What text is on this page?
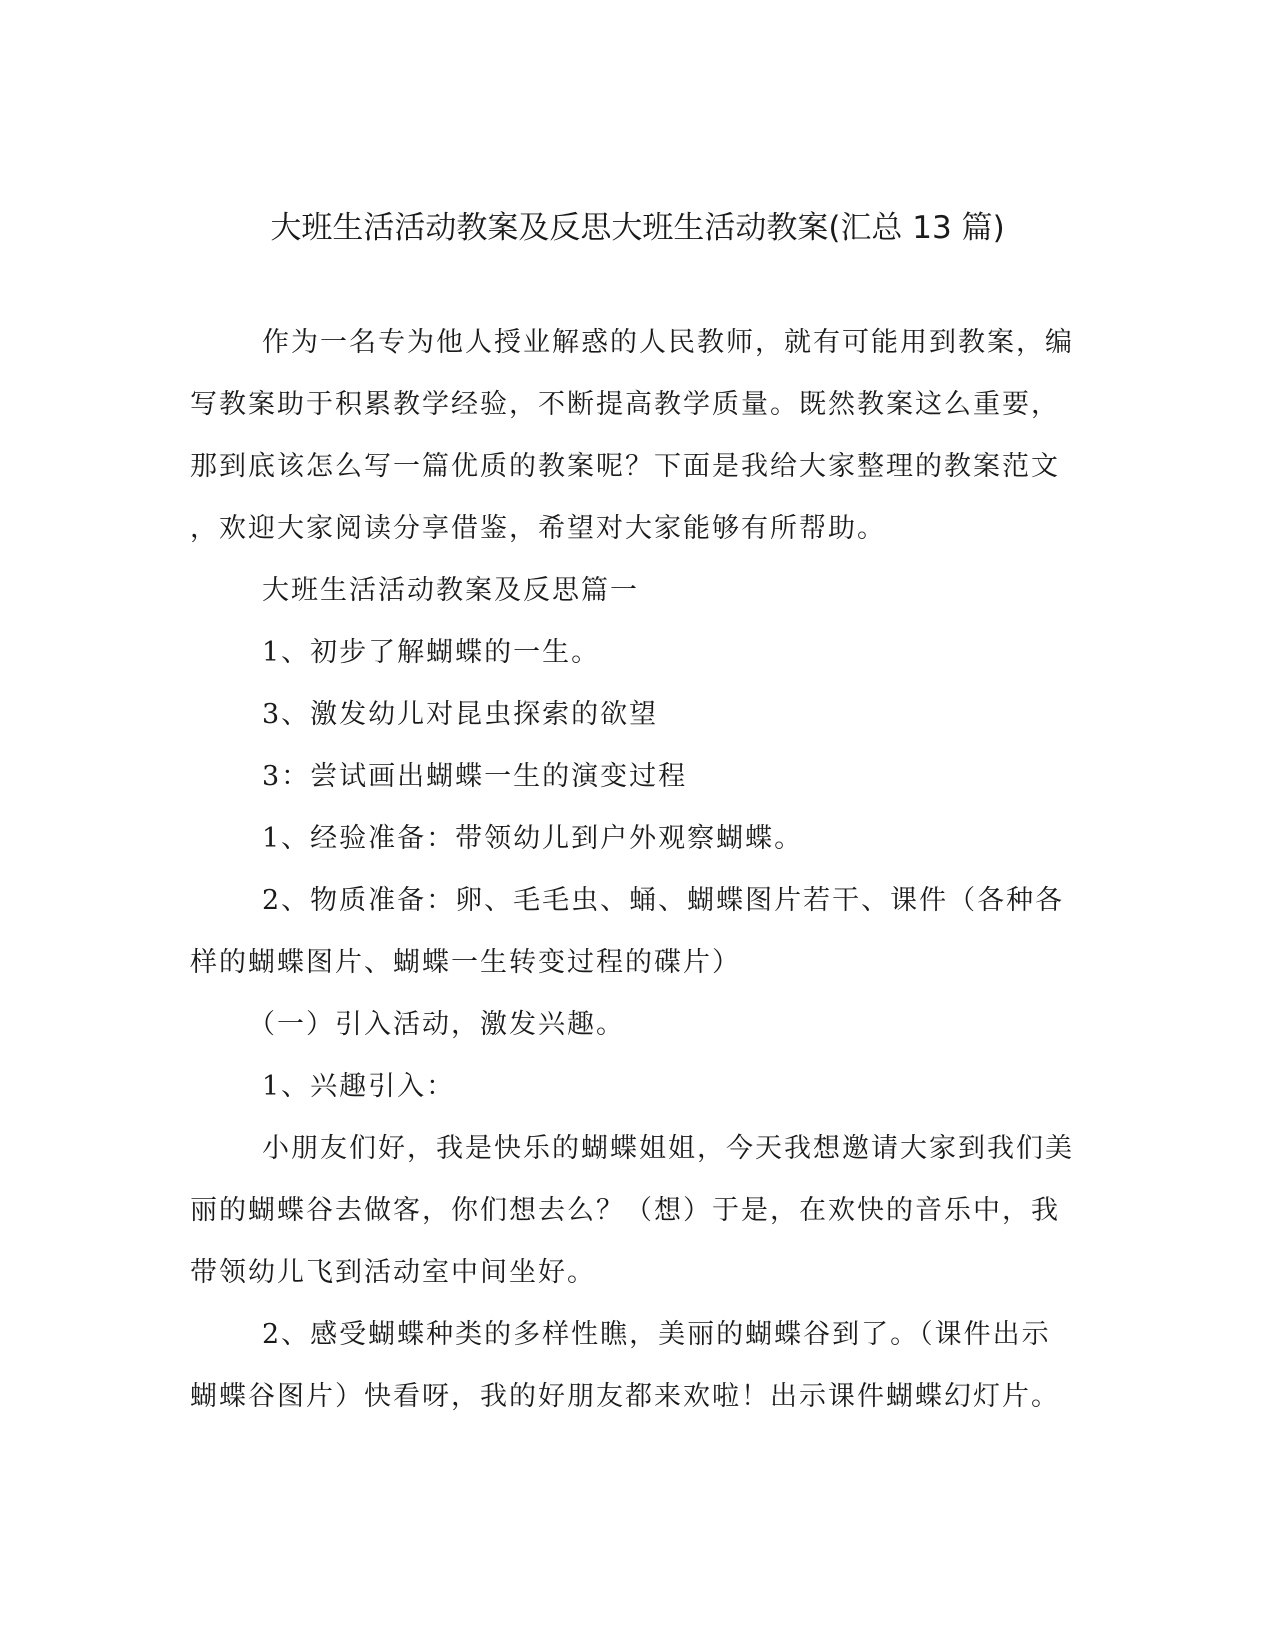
大班生活活动教案及反思大班生活动教案(汇总 13 篇)

作为一名专为他人授业解惑的人民教师，就有可能用到教案，编
写教案助于积累教学经验，不断提高教学质量。既然教案这么重要，
那到底该怎么写一篇优质的教案呢？下面是我给大家整理的教案范文
，欢迎大家阅读分享借鉴，希望对大家能够有所帮助。

大班生活活动教案及反思篇一

1、初步了解蝴蝶的一生。

3、激发幼儿对昆虫探索的欲望

3：尝试画出蝴蝶一生的演变过程

1、经验准备：带领幼儿到户外观察蝴蝶。

2、物质准备：卵、毛毛虫、蛹、蝴蝶图片若干、课件（各种各
样的蝴蝶图片、蝴蝶一生转变过程的碟片）

（一）引入活动，激发兴趣。

1、兴趣引入：

小朋友们好，我是快乐的蝴蝶姐姐，今天我想邀请大家到我们美
丽的蝴蝶谷去做客，你们想去么？（想）于是，在欢快的音乐中，我
带领幼儿飞到活动室中间坐好。

2、感受蝴蝶种类的多样性瞧，美丽的蝴蝶谷到了。（课件出示
蝴蝶谷图片）快看呀，我的好朋友都来欢啦！出示课件蝴蝶幻灯片。
